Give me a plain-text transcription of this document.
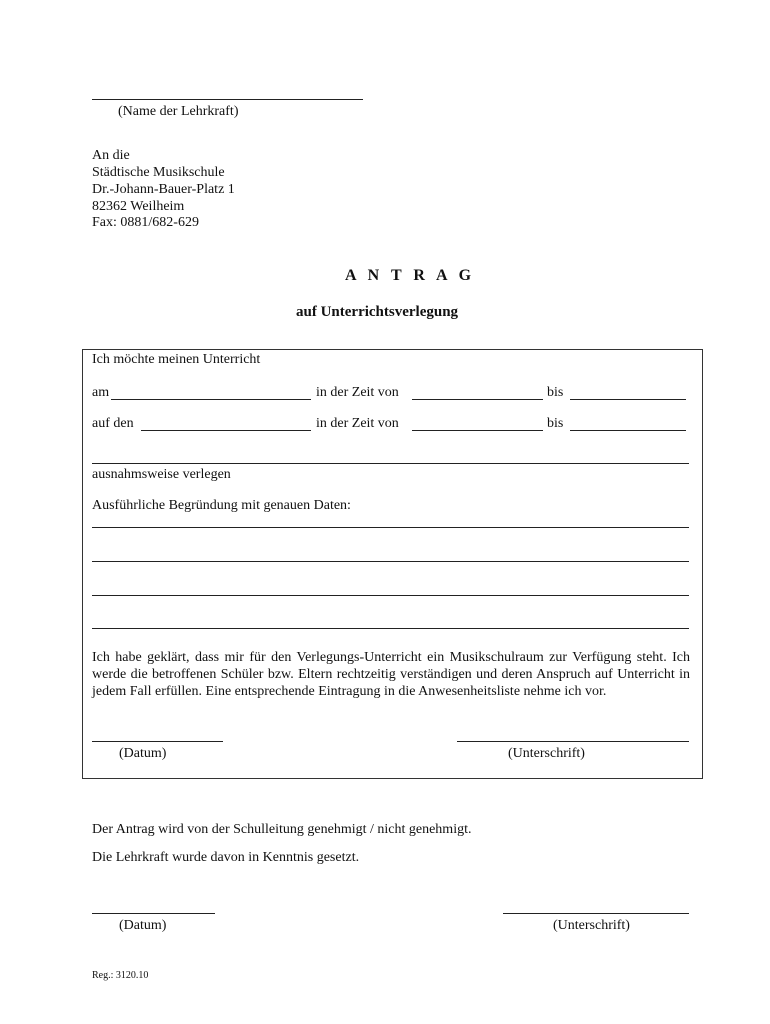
(Name der Lehrkraft)
An die
Städtische Musikschule
Dr.-Johann-Bauer-Platz 1
82362 Weilheim
Fax: 0881/682-629
A N T R A G
auf Unterrichtsverlegung
Ich möchte meinen Unterricht
am	in der Zeit von	bis
auf den	in der Zeit von	bis
ausnahmsweise verlegen
Ausführliche Begründung mit genauen Daten:
Ich habe geklärt, dass mir für den Verlegungs-Unterricht ein Musikschulraum zur Verfügung steht. Ich werde die betroffenen Schüler bzw. Eltern rechtzeitig verständigen und deren Anspruch auf Unterricht in jedem Fall erfüllen. Eine entsprechende Eintragung in die Anwesenheitsliste nehme ich vor.
(Datum)	(Unterschrift)
Der Antrag wird von der Schulleitung genehmigt / nicht genehmigt.
Die Lehrkraft wurde davon in Kenntnis gesetzt.
(Datum)	(Unterschrift)
Reg.: 3120.10
